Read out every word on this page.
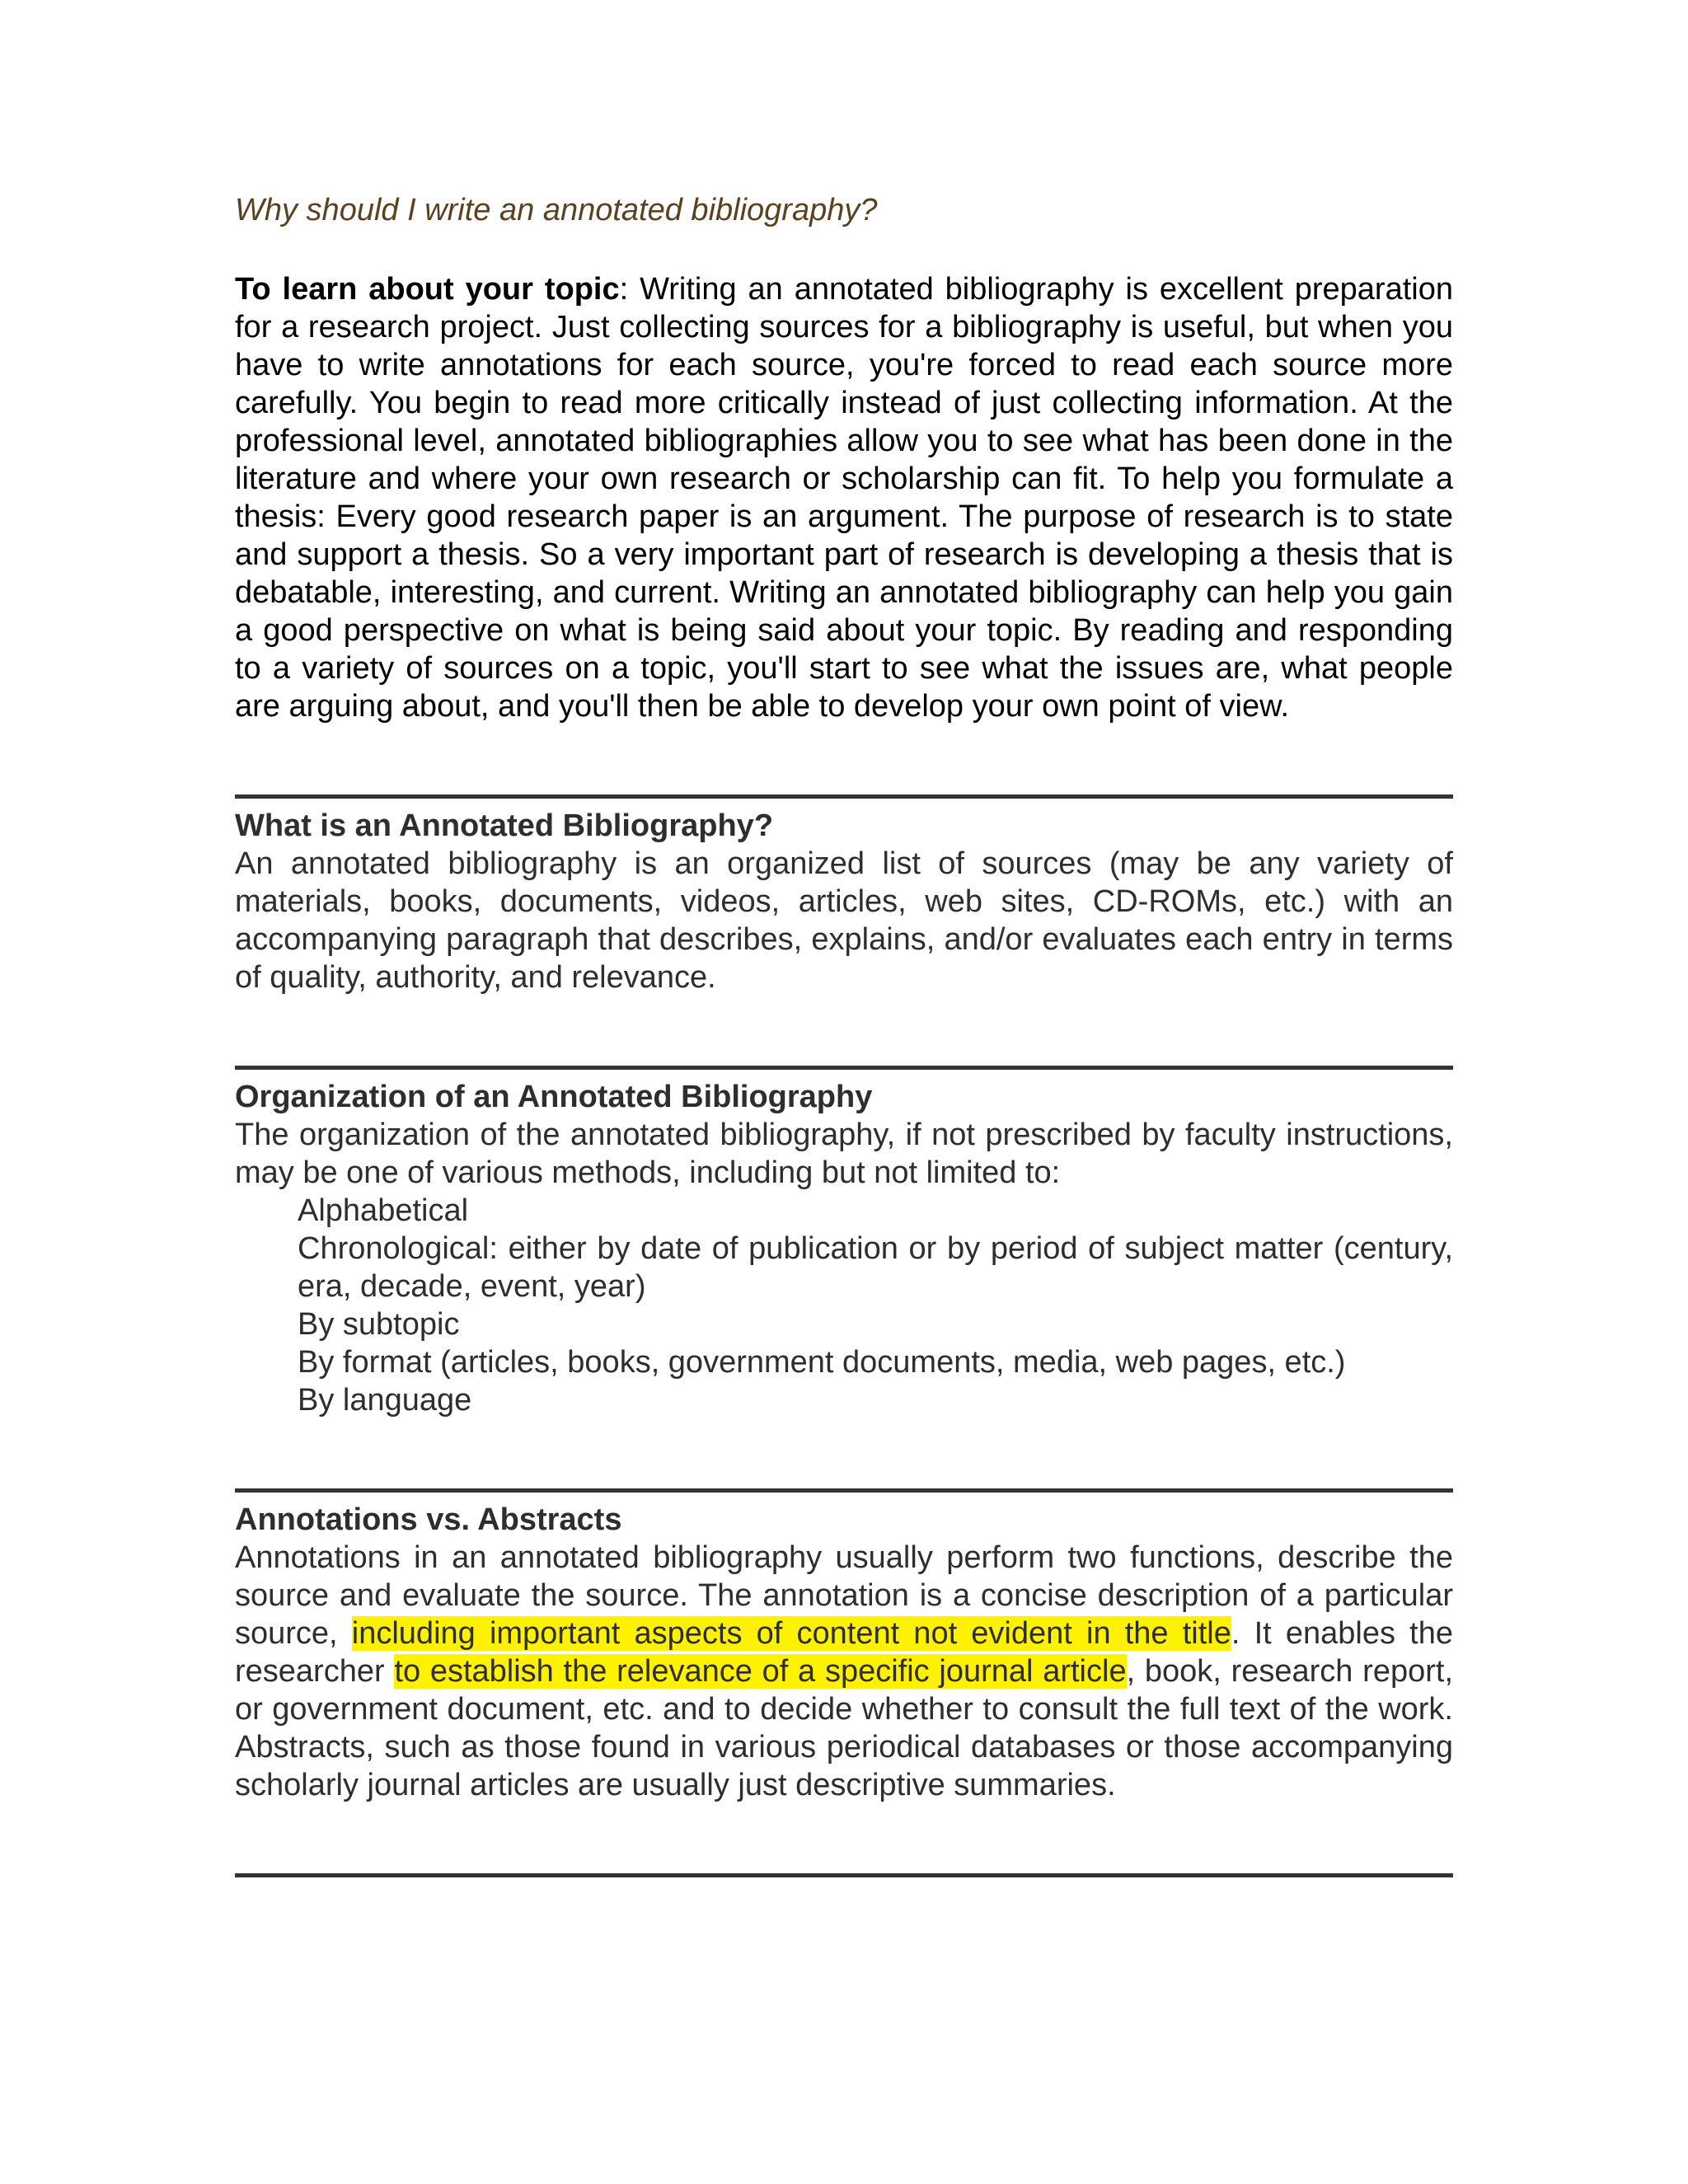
Why should I write an annotated bibliography?

To learn about your topic: Writing an annotated bibliography is excellent preparation for a research project. Just collecting sources for a bibliography is useful, but when you have to write annotations for each source, you're forced to read each source more carefully. You begin to read more critically instead of just collecting information. At the professional level, annotated bibliographies allow you to see what has been done in the literature and where your own research or scholarship can fit. To help you formulate a thesis: Every good research paper is an argument. The purpose of research is to state and support a thesis. So a very important part of research is developing a thesis that is debatable, interesting, and current. Writing an annotated bibliography can help you gain a good perspective on what is being said about your topic. By reading and responding to a variety of sources on a topic, you'll start to see what the issues are, what people are arguing about, and you'll then be able to develop your own point of view.

What is an Annotated Bibliography?

An annotated bibliography is an organized list of sources (may be any variety of materials, books, documents, videos, articles, web sites, CD-ROMs, etc.) with an accompanying paragraph that describes, explains, and/or evaluates each entry in terms of quality, authority, and relevance.

Organization of an Annotated Bibliography

The organization of the annotated bibliography, if not prescribed by faculty instructions, may be one of various methods, including but not limited to:

Alphabetical
Chronological: either by date of publication or by period of subject matter (century, era, decade, event, year)
By subtopic
By format (articles, books, government documents, media, web pages, etc.)
By language
Annotations vs. Abstracts

Annotations in an annotated bibliography usually perform two functions, describe the source and evaluate the source. The annotation is a concise description of a particular source, including important aspects of content not evident in the title. It enables the researcher to establish the relevance of a specific journal article, book, research report, or government document, etc. and to decide whether to consult the full text of the work. Abstracts, such as those found in various periodical databases or those accompanying scholarly journal articles are usually just descriptive summaries.
